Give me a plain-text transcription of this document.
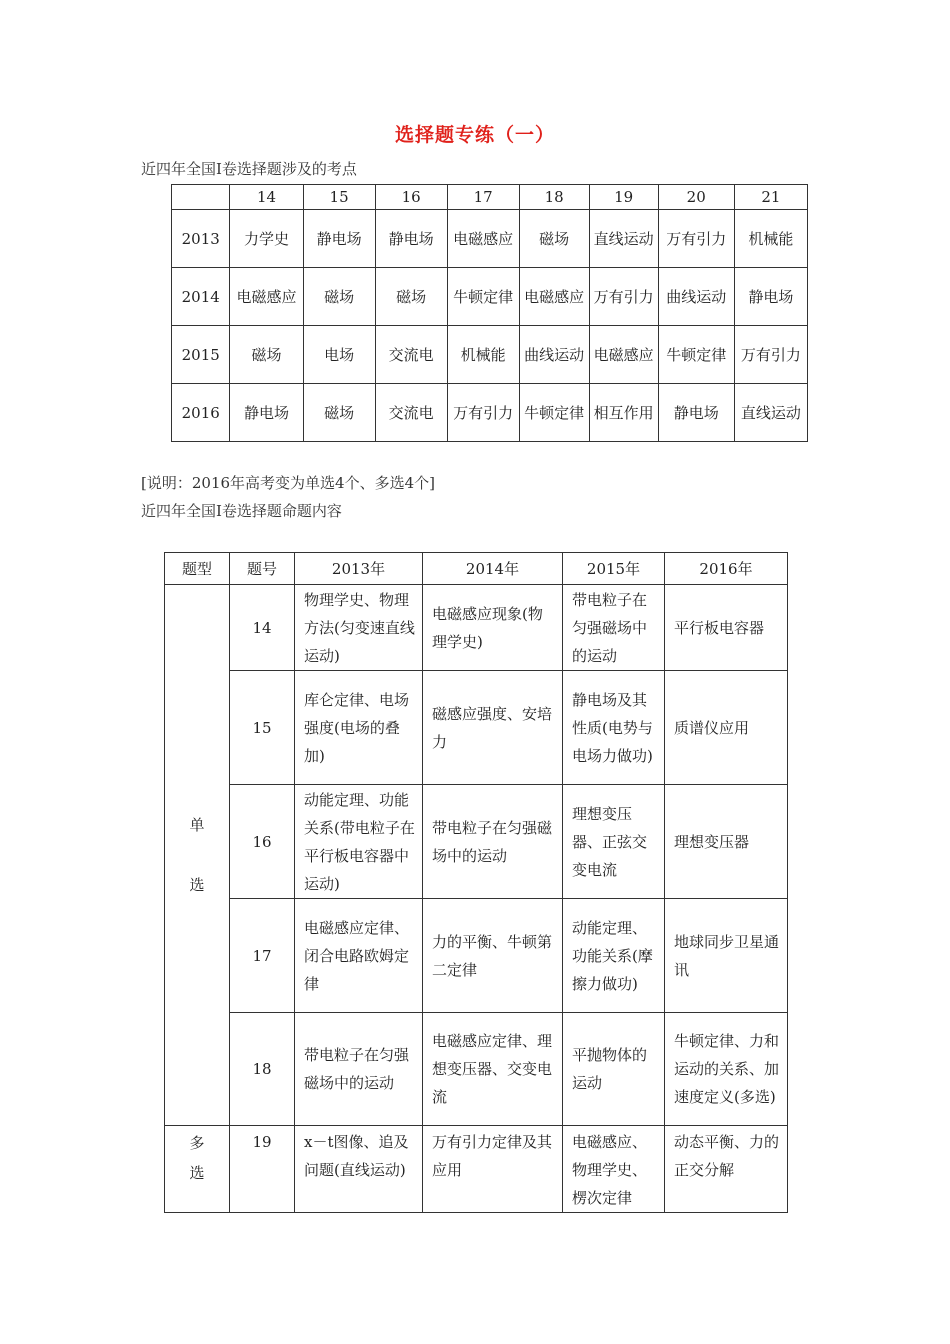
选择题专练（一）
近四年全国Ⅰ卷选择题涉及的考点
	14	15	16	17	18	19	20	21
2013	力学史	静电场	静电场	电磁感应	磁场	直线运动	万有引力	机械能
2014	电磁感应	磁场	磁场	牛顿定律	电磁感应	万有引力	曲线运动	静电场
2015	磁场	电场	交流电	机械能	曲线运动	电磁感应	牛顿定律	万有引力
2016	静电场	磁场	交流电	万有引力	牛顿定律	相互作用	静电场	直线运动
[说明：2016年高考变为单选4个、多选4个]
近四年全国Ⅰ卷选择题命题内容
题型	题号	2013年	2014年	2015年	2016年
单

选	14	物理学史、物理方法(匀变速直线运动)	电磁感应现象(物理学史)	带电粒子在匀强磁场中的运动	平行板电容器
	15	库仑定律、电场强度(电场的叠加)	磁感应强度、安培力	静电场及其性质(电势与电场力做功)	质谱仪应用
	16	动能定理、功能关系(带电粒子在平行板电容器中运动)	带电粒子在匀强磁场中的运动	理想变压器、正弦交变电流	理想变压器
	17	电磁感应定律、闭合电路欧姆定律	力的平衡、牛顿第二定律	动能定理、功能关系(摩擦力做功)	地球同步卫星通讯
	18	带电粒子在匀强磁场中的运动	电磁感应定律、理想变压器、交变电流	平抛物体的运动	牛顿定律、力和运动的关系、加速度定义(多选)
多
选	19	x－t图像、追及问题(直线运动)	万有引力定律及其应用	电磁感应、物理学史、楞次定律	动态平衡、力的正交分解
